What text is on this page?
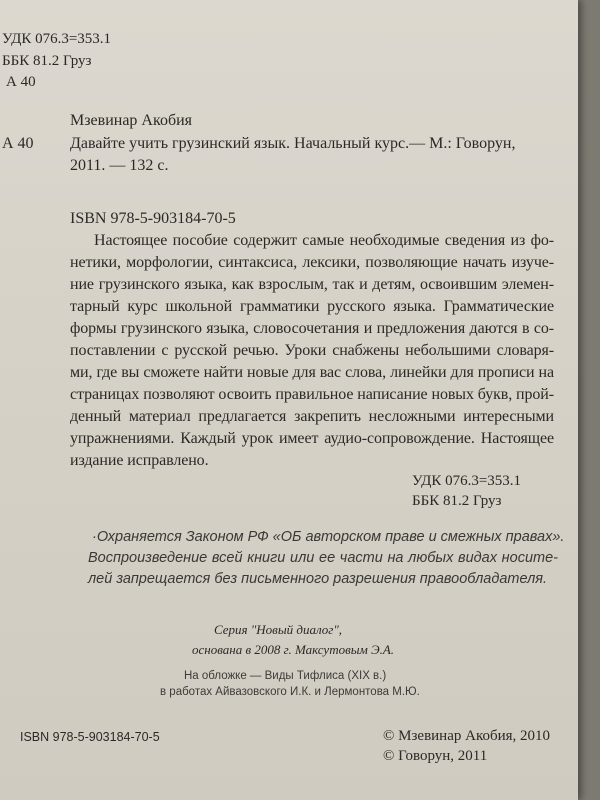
УДК 076.3=353.1
ББК 81.2 Груз
А 40
Мзевинар Акобия
А 40 Давайте учить грузинский язык. Начальный курс.— М.: Говорун,
2011. — 132 с.
ISBN 978-5-903184-70-5
Настоящее пособие содержит самые необходимые сведения из фо-
нетики, морфологии, синтаксиса, лексики, позволяющие начать изуче-
ние грузинского языка, как взрослым, так и детям, освоившим элемен-
тарный курс школьной грамматики русского языка. Грамматические
формы грузинского языка, словосочетания и предложения даются в со-
поставлении с русской речью. Уроки снабжены небольшими словаря-
ми, где вы сможете найти новые для вас слова, линейки для прописи на
страницах позволяют освоить правильное написание новых букв, прой-
денный материал предлагается закрепить несложными интересными
упражнениями. Каждый урок имеет аудио-сопровождение. Настоящее
издание исправлено.
УДК 076.3=353.1
ББК 81.2 Груз
·Охраняется Законом РФ «ОБ авторском праве и смежных правах».
Воспроизведение всей книги или ее части на любых видах носите-
лей запрещается без письменного разрешения правообладателя.
Серия "Новый диалог",
основана в 2008 г. Максутовым Э.А.
На обложке — Виды Тифлиса (XIX в.)
в работах Айвазовского И.К. и Лермонтова М.Ю.
ISBN 978-5-903184-70-5	© Мзевинар Акобия, 2010
© Говорун, 2011
